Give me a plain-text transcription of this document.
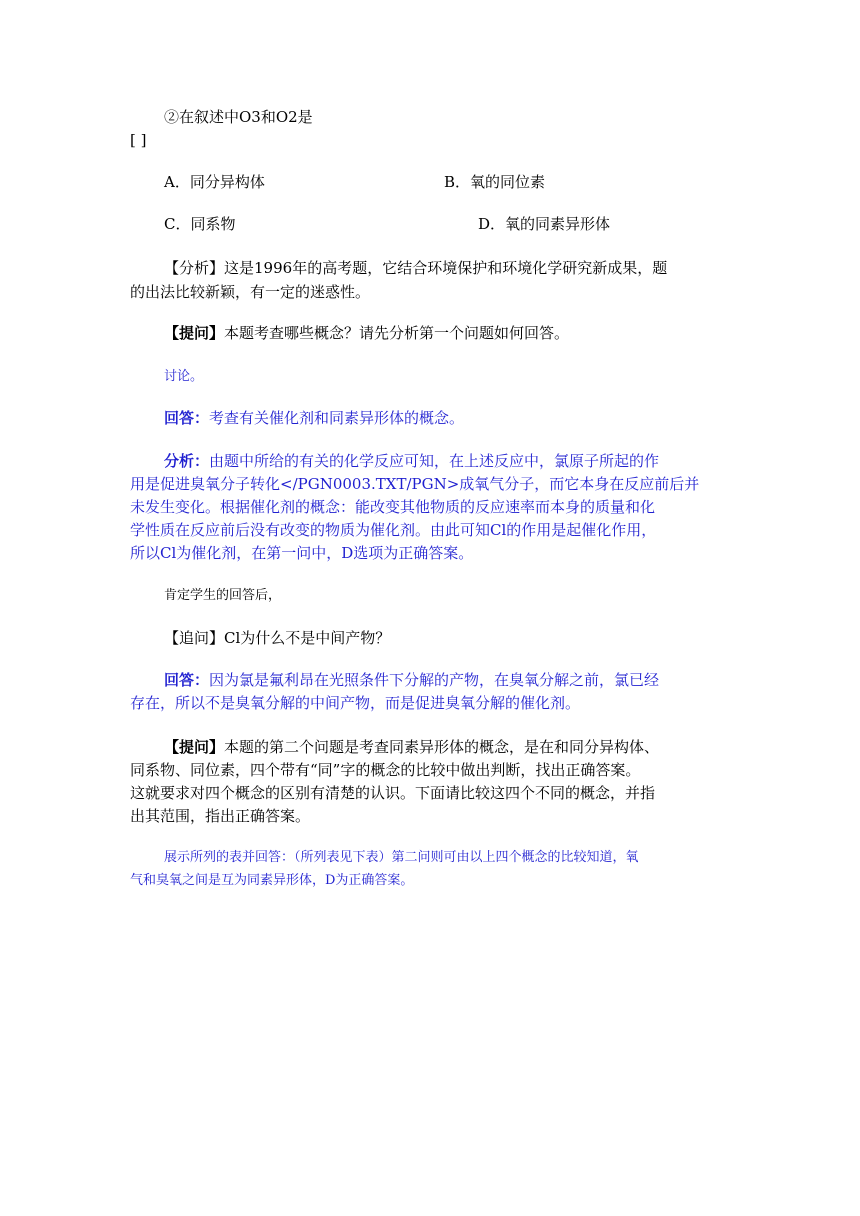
②在叙述中O3和O2是
[ ]
A．同分异构体	B．氧的同位素
C．同系物	D．氧的同素异形体
【分析】这是1996年的高考题，它结合环境保护和环境化学研究新成果，题
的出法比较新颖，有一定的迷惑性。
【提问】本题考查哪些概念？请先分析第一个问题如何回答。
讨论。
回答：考查有关催化剂和同素异形体的概念。
分析：由题中所给的有关的化学反应可知，在上述反应中，氯原子所起的作
用是促进臭氧分子转化</PGN0003.TXT/PGN>成氧气分子，而它本身在反应前后并
未发生变化。根据催化剂的概念：能改变其他物质的反应速率而本身的质量和化
学性质在反应前后没有改变的物质为催化剂。由此可知Cl的作用是起催化作用，
所以Cl为催化剂，在第一问中，D选项为正确答案。
肯定学生的回答后，
【追问】Cl为什么不是中间产物？
回答：因为氯是氟利昂在光照条件下分解的产物，在臭氧分解之前，氯已经
存在，所以不是臭氧分解的中间产物，而是促进臭氧分解的催化剂。
【提问】本题的第二个问题是考查同素异形体的概念，是在和同分异构体、
同系物、同位素，四个带有“同”字的概念的比较中做出判断，找出正确答案。
这就要求对四个概念的区别有清楚的认识。下面请比较这四个不同的概念，并指
出其范围，指出正确答案。
展示所列的表并回答：（所列表见下表）第二问则可由以上四个概念的比较知道，氧
气和臭氧之间是互为同素异形体，D为正确答案。
